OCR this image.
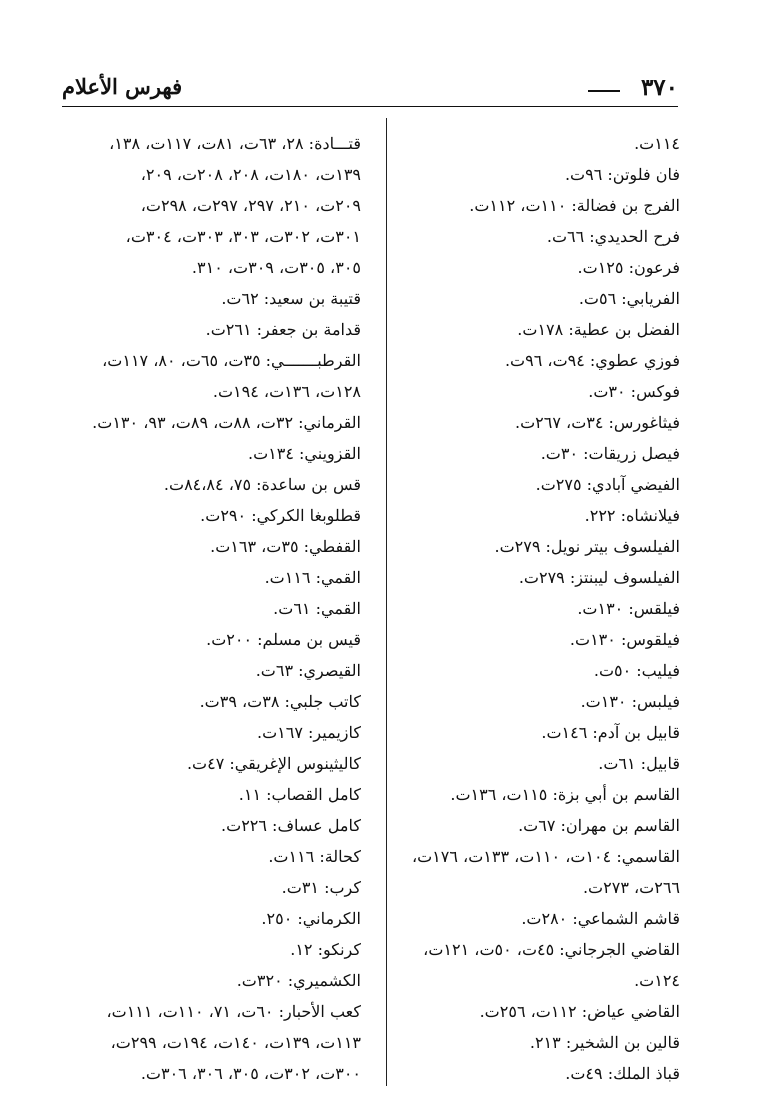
فهرس الأعلام	٣٧٠
١١٤ت.
فان فلوتن: ٩٦ت.
الفرج بن فضالة: ١١٠ت، ١١٢ت.
فرح الحديدي: ٦٦ت.
فرعون: ١٢٥ت.
الفريابي: ٥٦ت.
الفضل بن عطية: ١٧٨ت.
فوزي عطوي: ٩٤ت، ٩٦ت.
فوكس: ٣٠ت.
فيثاغورس: ٣٤ت، ٢٦٧ت.
فيصل زريقات: ٣٠ت.
الفيضي آبادي: ٢٧٥ت.
فيلانشاه: ٢٢٢.
الفيلسوف بيتر نويل: ٢٧٩ت.
الفيلسوف ليبنتز: ٢٧٩ت.
فيلقس: ١٣٠ت.
فيلقوس: ١٣٠ت.
فيليب: ٥٠ت.
فيلبس: ١٣٠ت.
قابيل بن آدم: ١٤٦ت.
قابيل: ٦١ت.
القاسم بن أبي بزة: ١١٥ت، ١٣٦ت.
القاسم بن مهران: ٦٧ت.
القاسمي: ١٠٤ت، ١١٠ت، ١٣٣ت، ١٧٦ت،
٢٦٦ت، ٢٧٣ت.
قاشم الشماعي: ٢٨٠ت.
القاضي الجرجاني: ٤٥ت، ٥٠ت، ١٢١ت،
١٢٤ت.
القاضي عياض: ١١٢ت، ٢٥٦ت.
قالين بن الشخير: ٢١٣.
قباذ الملك: ٤٩ت.
قتـــادة: ٢٨، ٦٣ت، ٨١ت، ١١٧ت، ١٣٨،
١٣٩ت، ١٨٠ت، ٢٠٨، ٢٠٨ت، ٢٠٩،
٢٠٩ت، ٢١٠، ٢٩٧، ٢٩٧ت، ٢٩٨ت،
٣٠١ت، ٣٠٢ت، ٣٠٣، ٣٠٣ت، ٣٠٤ت،
٣٠٥، ٣٠٥ت، ٣٠٩ت، ٣١٠.
قتيبة بن سعيد: ٦٢ت.
قدامة بن جعفر: ٢٦١ت.
القرطبـــــــي: ٣٥ت، ٦٥ت، ٨٠، ١١٧ت،
١٢٨ت، ١٣٦ت، ١٩٤ت.
القرماني: ٣٢ت، ٨٨ت، ٨٩ت، ٩٣، ١٣٠ت.
القزويني: ١٣٤ت.
قس بن ساعدة: ٧٥، ٨٤،٨٤ت.
قطلوبغا الكركي: ٢٩٠ت.
القفطي: ٣٥ت، ١٦٣ت.
القمي: ١١٦ت.
القمي: ٦١ت.
قيس بن مسلم: ٢٠٠ت.
القيصري: ٦٣ت.
كاتب جلبي: ٣٨ت، ٣٩ت.
كازيمير: ١٦٧ت.
كاليثينوس الإغريقي: ٤٧ت.
كامل القصاب: ١١.
كامل عساف: ٢٢٦ت.
كحالة: ١١٦ت.
كرب: ٣١ت.
الكرماني: ٢٥٠.
كرنكو: ١٢.
الكشميري: ٣٢٠ت.
كعب الأحبار: ٦٠ت، ٧١، ١١٠ت، ١١١ت،
١١٣ت، ١٣٩ت، ١٤٠ت، ١٩٤ت، ٢٩٩ت،
٣٠٠ت، ٣٠٢ت، ٣٠٥، ٣٠٦، ٣٠٦ت.
